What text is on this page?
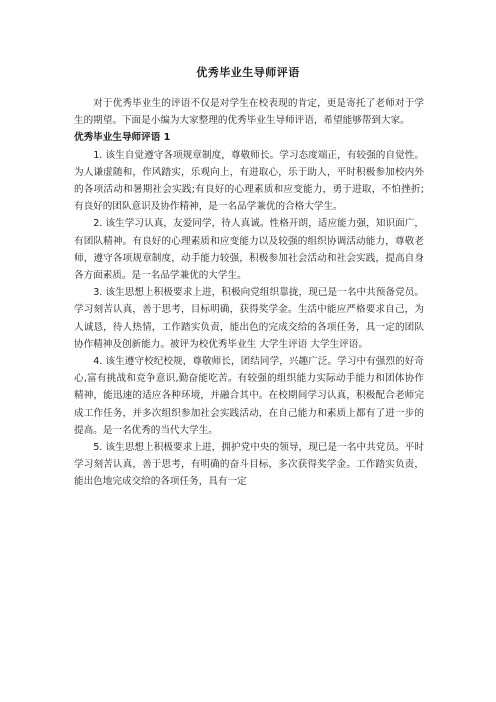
优秀毕业生导师评语

对于优秀毕业生的评语不仅是对学生在校表现的肯定，更是寄托了老师对于学生的期望。下面是小编为大家整理的优秀毕业生导师评语，希望能够帮到大家。

优秀毕业生导师评语 1

1. 该生自觉遵守各项规章制度，尊敬师长。学习态度端正，有较强的自觉性。为人谦虚随和，作风踏实，乐观向上，有进取心，乐于助人，平时积极参加校内外的各项活动和暑期社会实践;有良好的心理素质和应变能力，勇于进取，不怕挫折;有良好的团队意识及协作精神，是一名品学兼优的合格大学生。

2. 该生学习认真，友爱同学，待人真诚。性格开朗，适应能力强，知识面广，有团队精神。有良好的心理素质和应变能力以及较强的组织协调活动能力，尊敬老师，遵守各项规章制度，动手能力较强，积极参加社会活动和社会实践，提高自身各方面素质。是一名品学兼优的大学生。

3. 该生思想上积极要求上进，积极向党组织靠拢，现已是一名中共预备党员。学习刻苦认真，善于思考，目标明确，获得奖学金。生活中能应严格要求自己，为人诚恳，待人热情，工作踏实负责，能出色的完成交给的各项任务，具一定的团队协作精神及创新能力。被评为校优秀毕业生 大学生评语 大学生评语。

4. 该生遵守校纪校规，尊敬师长，团结同学，兴趣广泛。学习中有强烈的好奇心,富有挑战和竞争意识,勤奋能吃苦。有较强的组织能力实际动手能力和团体协作精神，能迅速的适应各种环境，并融合其中。在校期间学习认真，积极配合老师完成工作任务，并多次组织参加社会实践活动，在自己能力和素质上都有了进一步的提高。是一名优秀的当代大学生。

5. 该生思想上积极要求上进，拥护党中央的领导，现已是一名中共党员。平时学习刻苦认真，善于思考，有明确的奋斗目标，多次获得奖学金。工作踏实负责，能出色地完成交给的各项任务，具有一定
